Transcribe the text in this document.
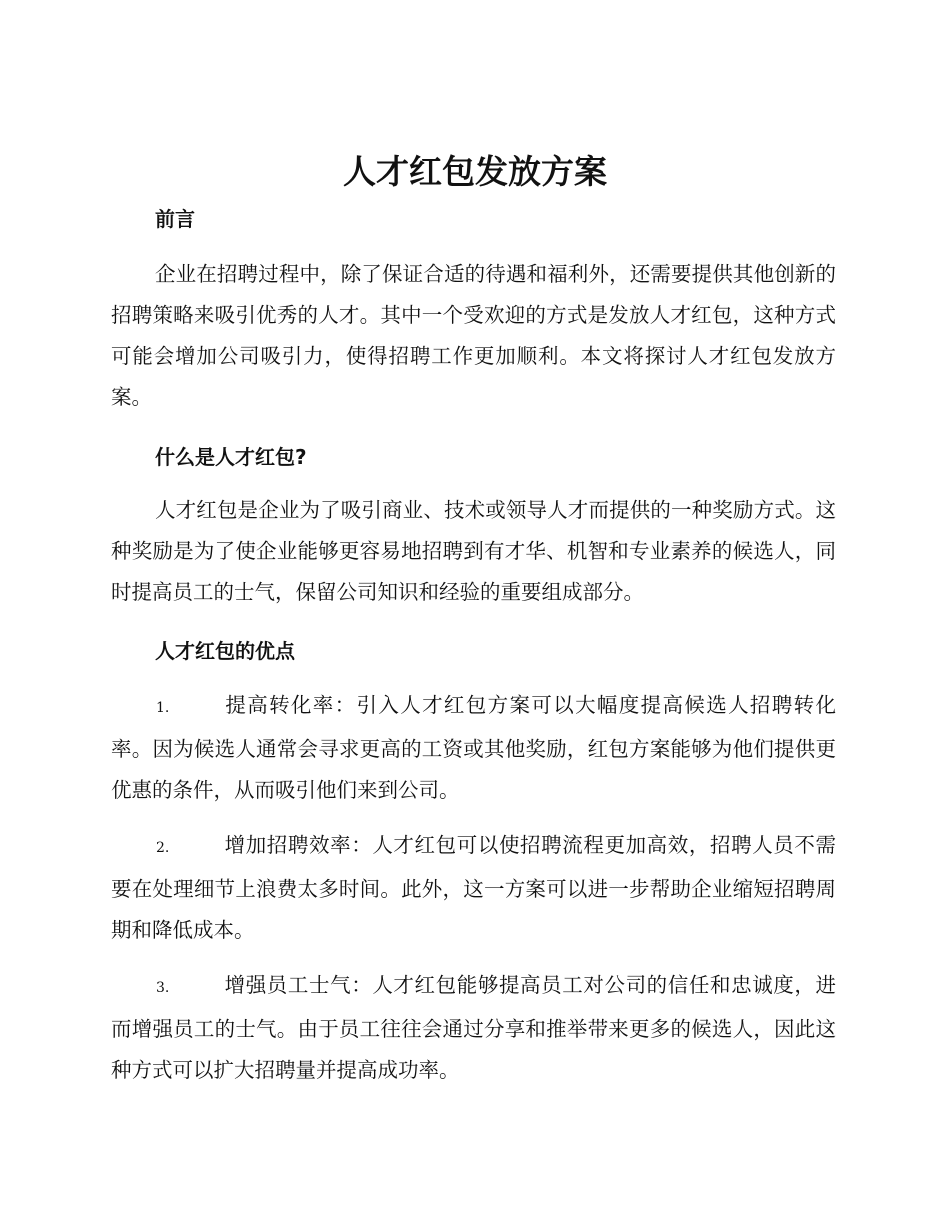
人才红包发放方案
前言

企业在招聘过程中，除了保证合适的待遇和福利外，还需要提供其他创新的招聘策略来吸引优秀的人才。其中一个受欢迎的方式是发放人才红包，这种方式可能会增加公司吸引力，使得招聘工作更加顺利。本文将探讨人才红包发放方案。

什么是人才红包?

人才红包是企业为了吸引商业、技术或领导人才而提供的一种奖励方式。这种奖励是为了使企业能够更容易地招聘到有才华、机智和专业素养的候选人，同时提高员工的士气，保留公司知识和经验的重要组成部分。

人才红包的优点

1.	提高转化率：引入人才红包方案可以大幅度提高候选人招聘转化率。因为候选人通常会寻求更高的工资或其他奖励，红包方案能够为他们提供更优惠的条件，从而吸引他们来到公司。

2.	增加招聘效率：人才红包可以使招聘流程更加高效，招聘人员不需要在处理细节上浪费太多时间。此外，这一方案可以进一步帮助企业缩短招聘周期和降低成本。

3.	增强员工士气：人才红包能够提高员工对公司的信任和忠诚度，进而增强员工的士气。由于员工往往会通过分享和推举带来更多的候选人，因此这种方式可以扩大招聘量并提高成功率。
